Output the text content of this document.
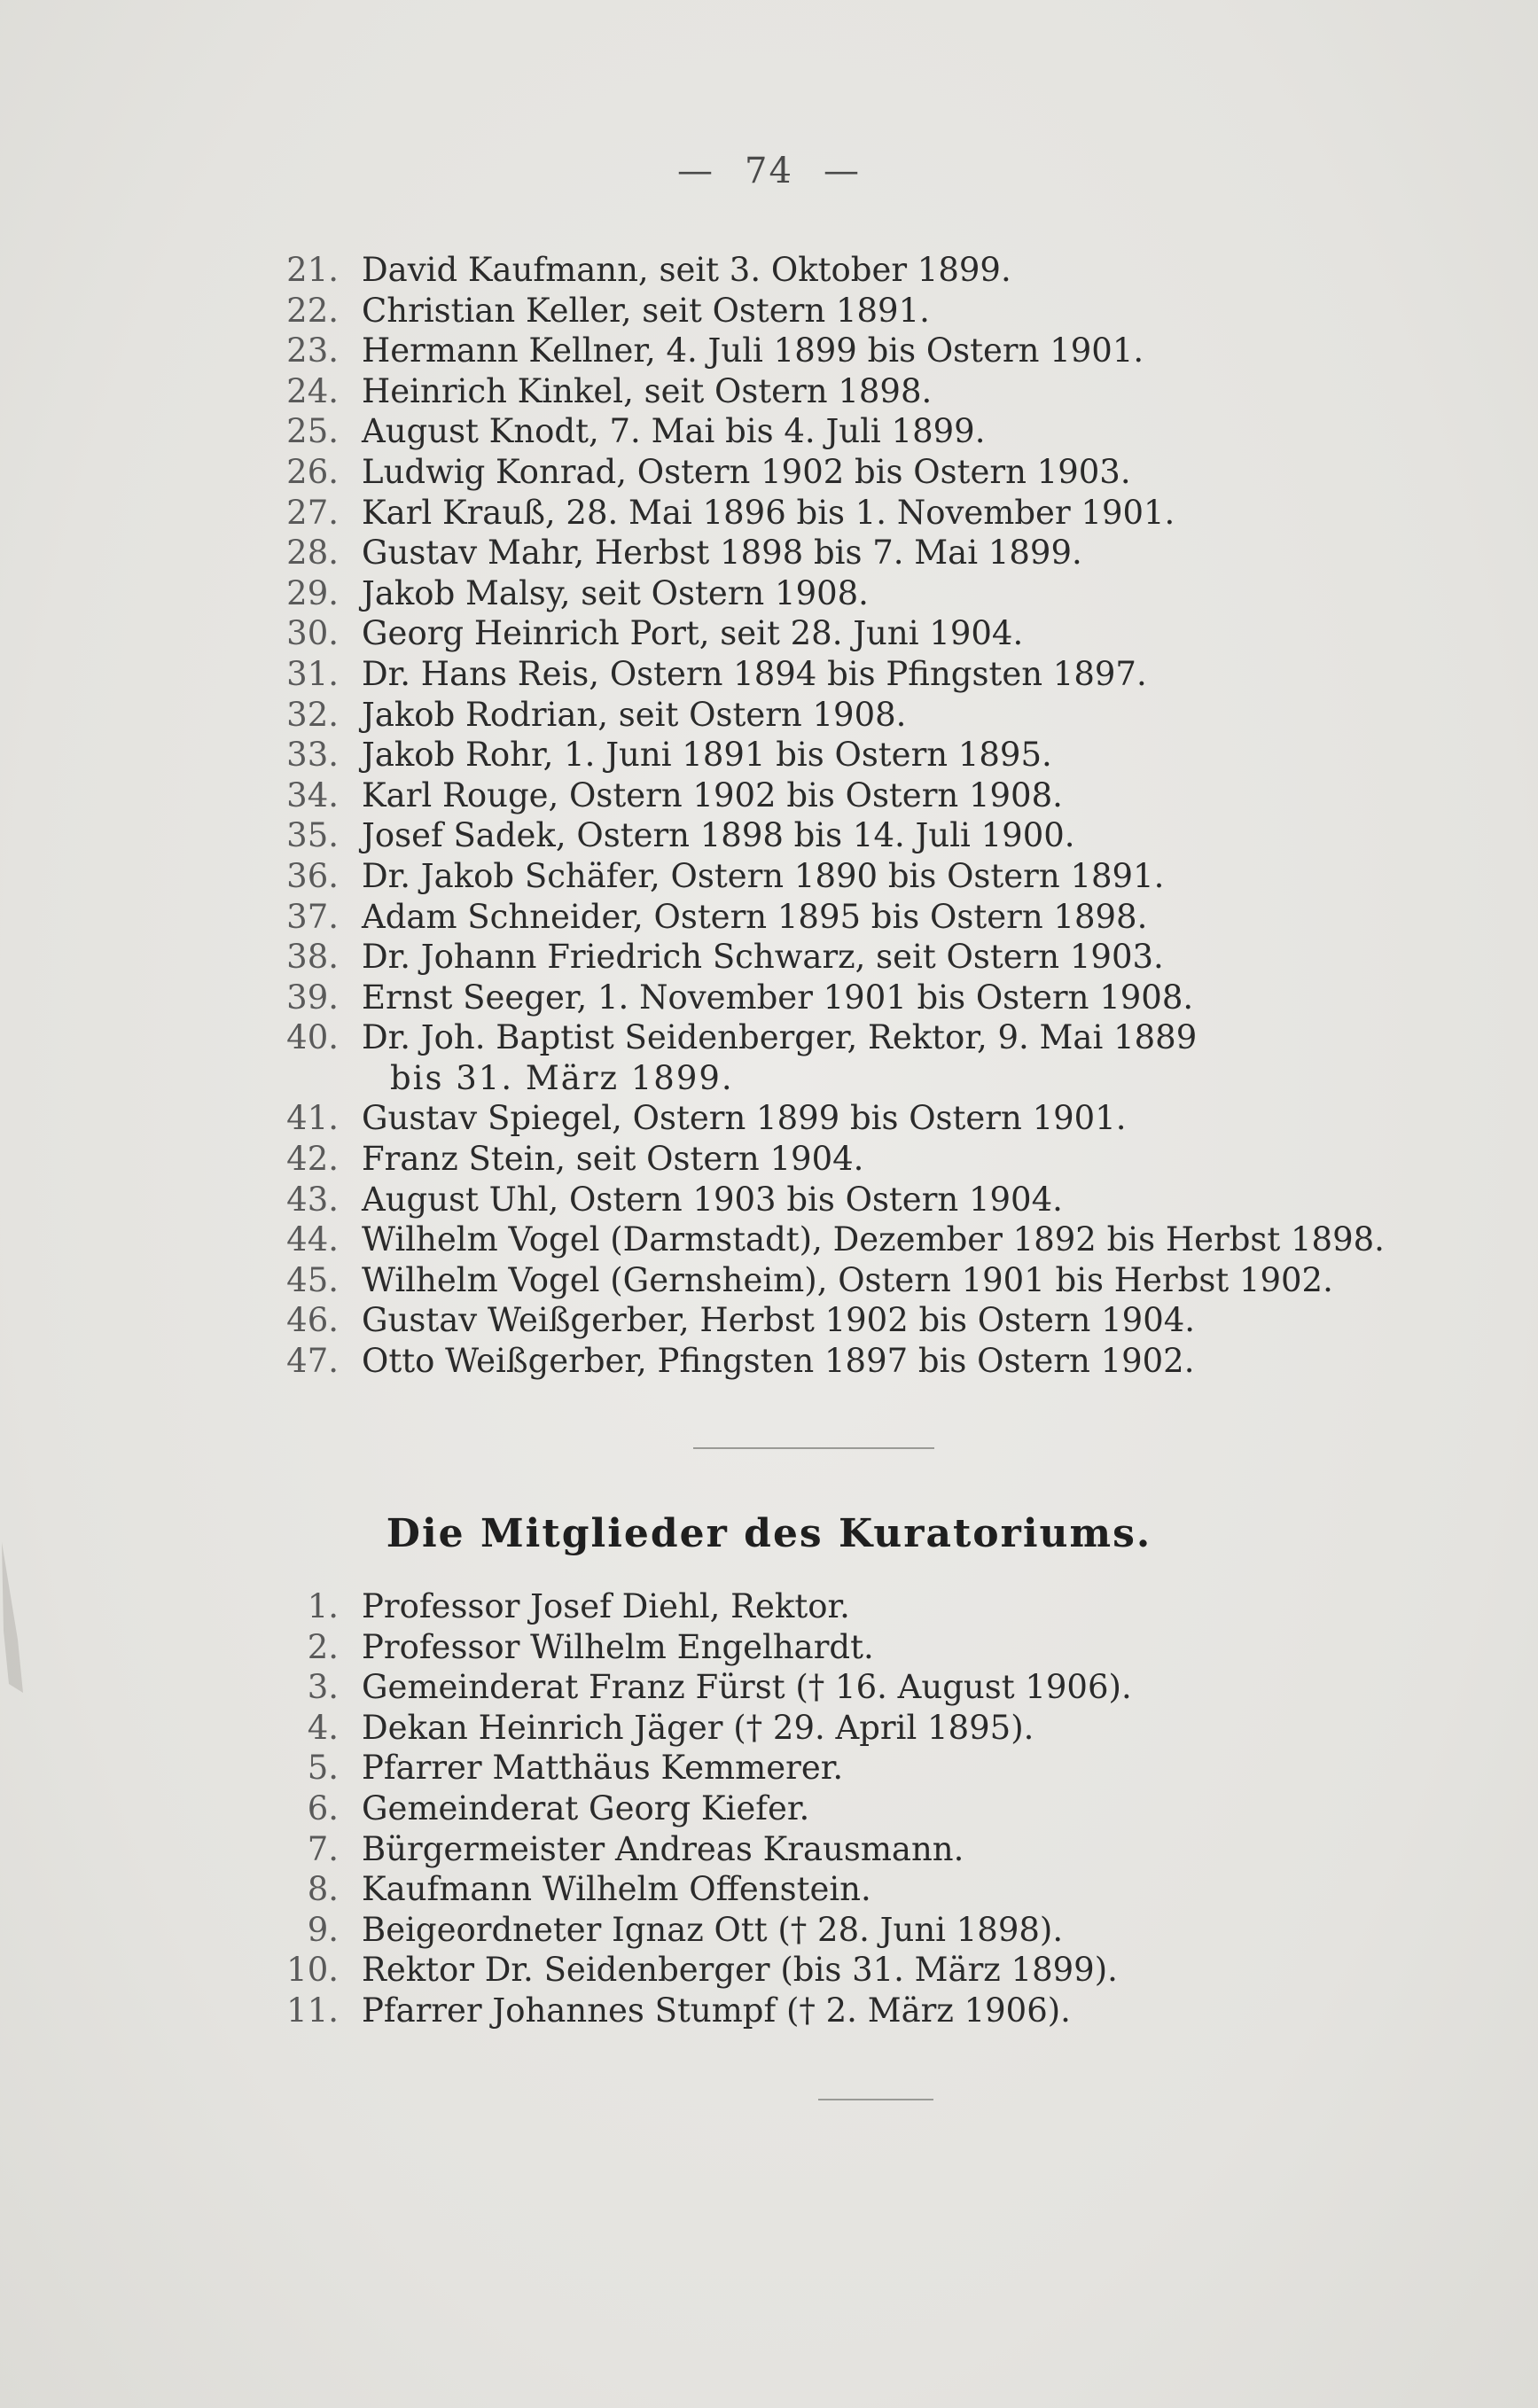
— 74 —
21. David Kaufmann, seit 3. Oktober 1899.
22. Christian Keller, seit Ostern 1891.
23. Hermann Kellner, 4. Juli 1899 bis Ostern 1901.
24. Heinrich Kinkel, seit Ostern 1898.
25. August Knodt, 7. Mai bis 4. Juli 1899.
26. Ludwig Konrad, Ostern 1902 bis Ostern 1903.
27. Karl Krauß, 28. Mai 1896 bis 1. November 1901.
28. Gustav Mahr, Herbst 1898 bis 7. Mai 1899.
29. Jakob Malsy, seit Ostern 1908.
30. Georg Heinrich Port, seit 28. Juni 1904.
31. Dr. Hans Reis, Ostern 1894 bis Pfingsten 1897.
32. Jakob Rodrian, seit Ostern 1908.
33. Jakob Rohr, 1. Juni 1891 bis Ostern 1895.
34. Karl Rouge, Ostern 1902 bis Ostern 1908.
35. Josef Sadek, Ostern 1898 bis 14. Juli 1900.
36. Dr. Jakob Schäfer, Ostern 1890 bis Ostern 1891.
37. Adam Schneider, Ostern 1895 bis Ostern 1898.
38. Dr. Johann Friedrich Schwarz, seit Ostern 1903.
39. Ernst Seeger, 1. November 1901 bis Ostern 1908.
40. Dr. Joh. Baptist Seidenberger, Rektor, 9. Mai 1889
bis 31. März 1899.
41. Gustav Spiegel, Ostern 1899 bis Ostern 1901.
42. Franz Stein, seit Ostern 1904.
43. August Uhl, Ostern 1903 bis Ostern 1904.
44. Wilhelm Vogel (Darmstadt), Dezember 1892 bis Herbst 1898.
45. Wilhelm Vogel (Gernsheim), Ostern 1901 bis Herbst 1902.
46. Gustav Weißgerber, Herbst 1902 bis Ostern 1904.
47. Otto Weißgerber, Pfingsten 1897 bis Ostern 1902.
Die Mitglieder des Kuratoriums.
1. Professor Josef Diehl, Rektor.
2. Professor Wilhelm Engelhardt.
3. Gemeinderat Franz Fürst († 16. August 1906).
4. Dekan Heinrich Jäger († 29. April 1895).
5. Pfarrer Matthäus Kemmerer.
6. Gemeinderat Georg Kiefer.
7. Bürgermeister Andreas Krausmann.
8. Kaufmann Wilhelm Offenstein.
9. Beigeordneter Ignaz Ott († 28. Juni 1898).
10. Rektor Dr. Seidenberger (bis 31. März 1899).
11. Pfarrer Johannes Stumpf († 2. März 1906).
